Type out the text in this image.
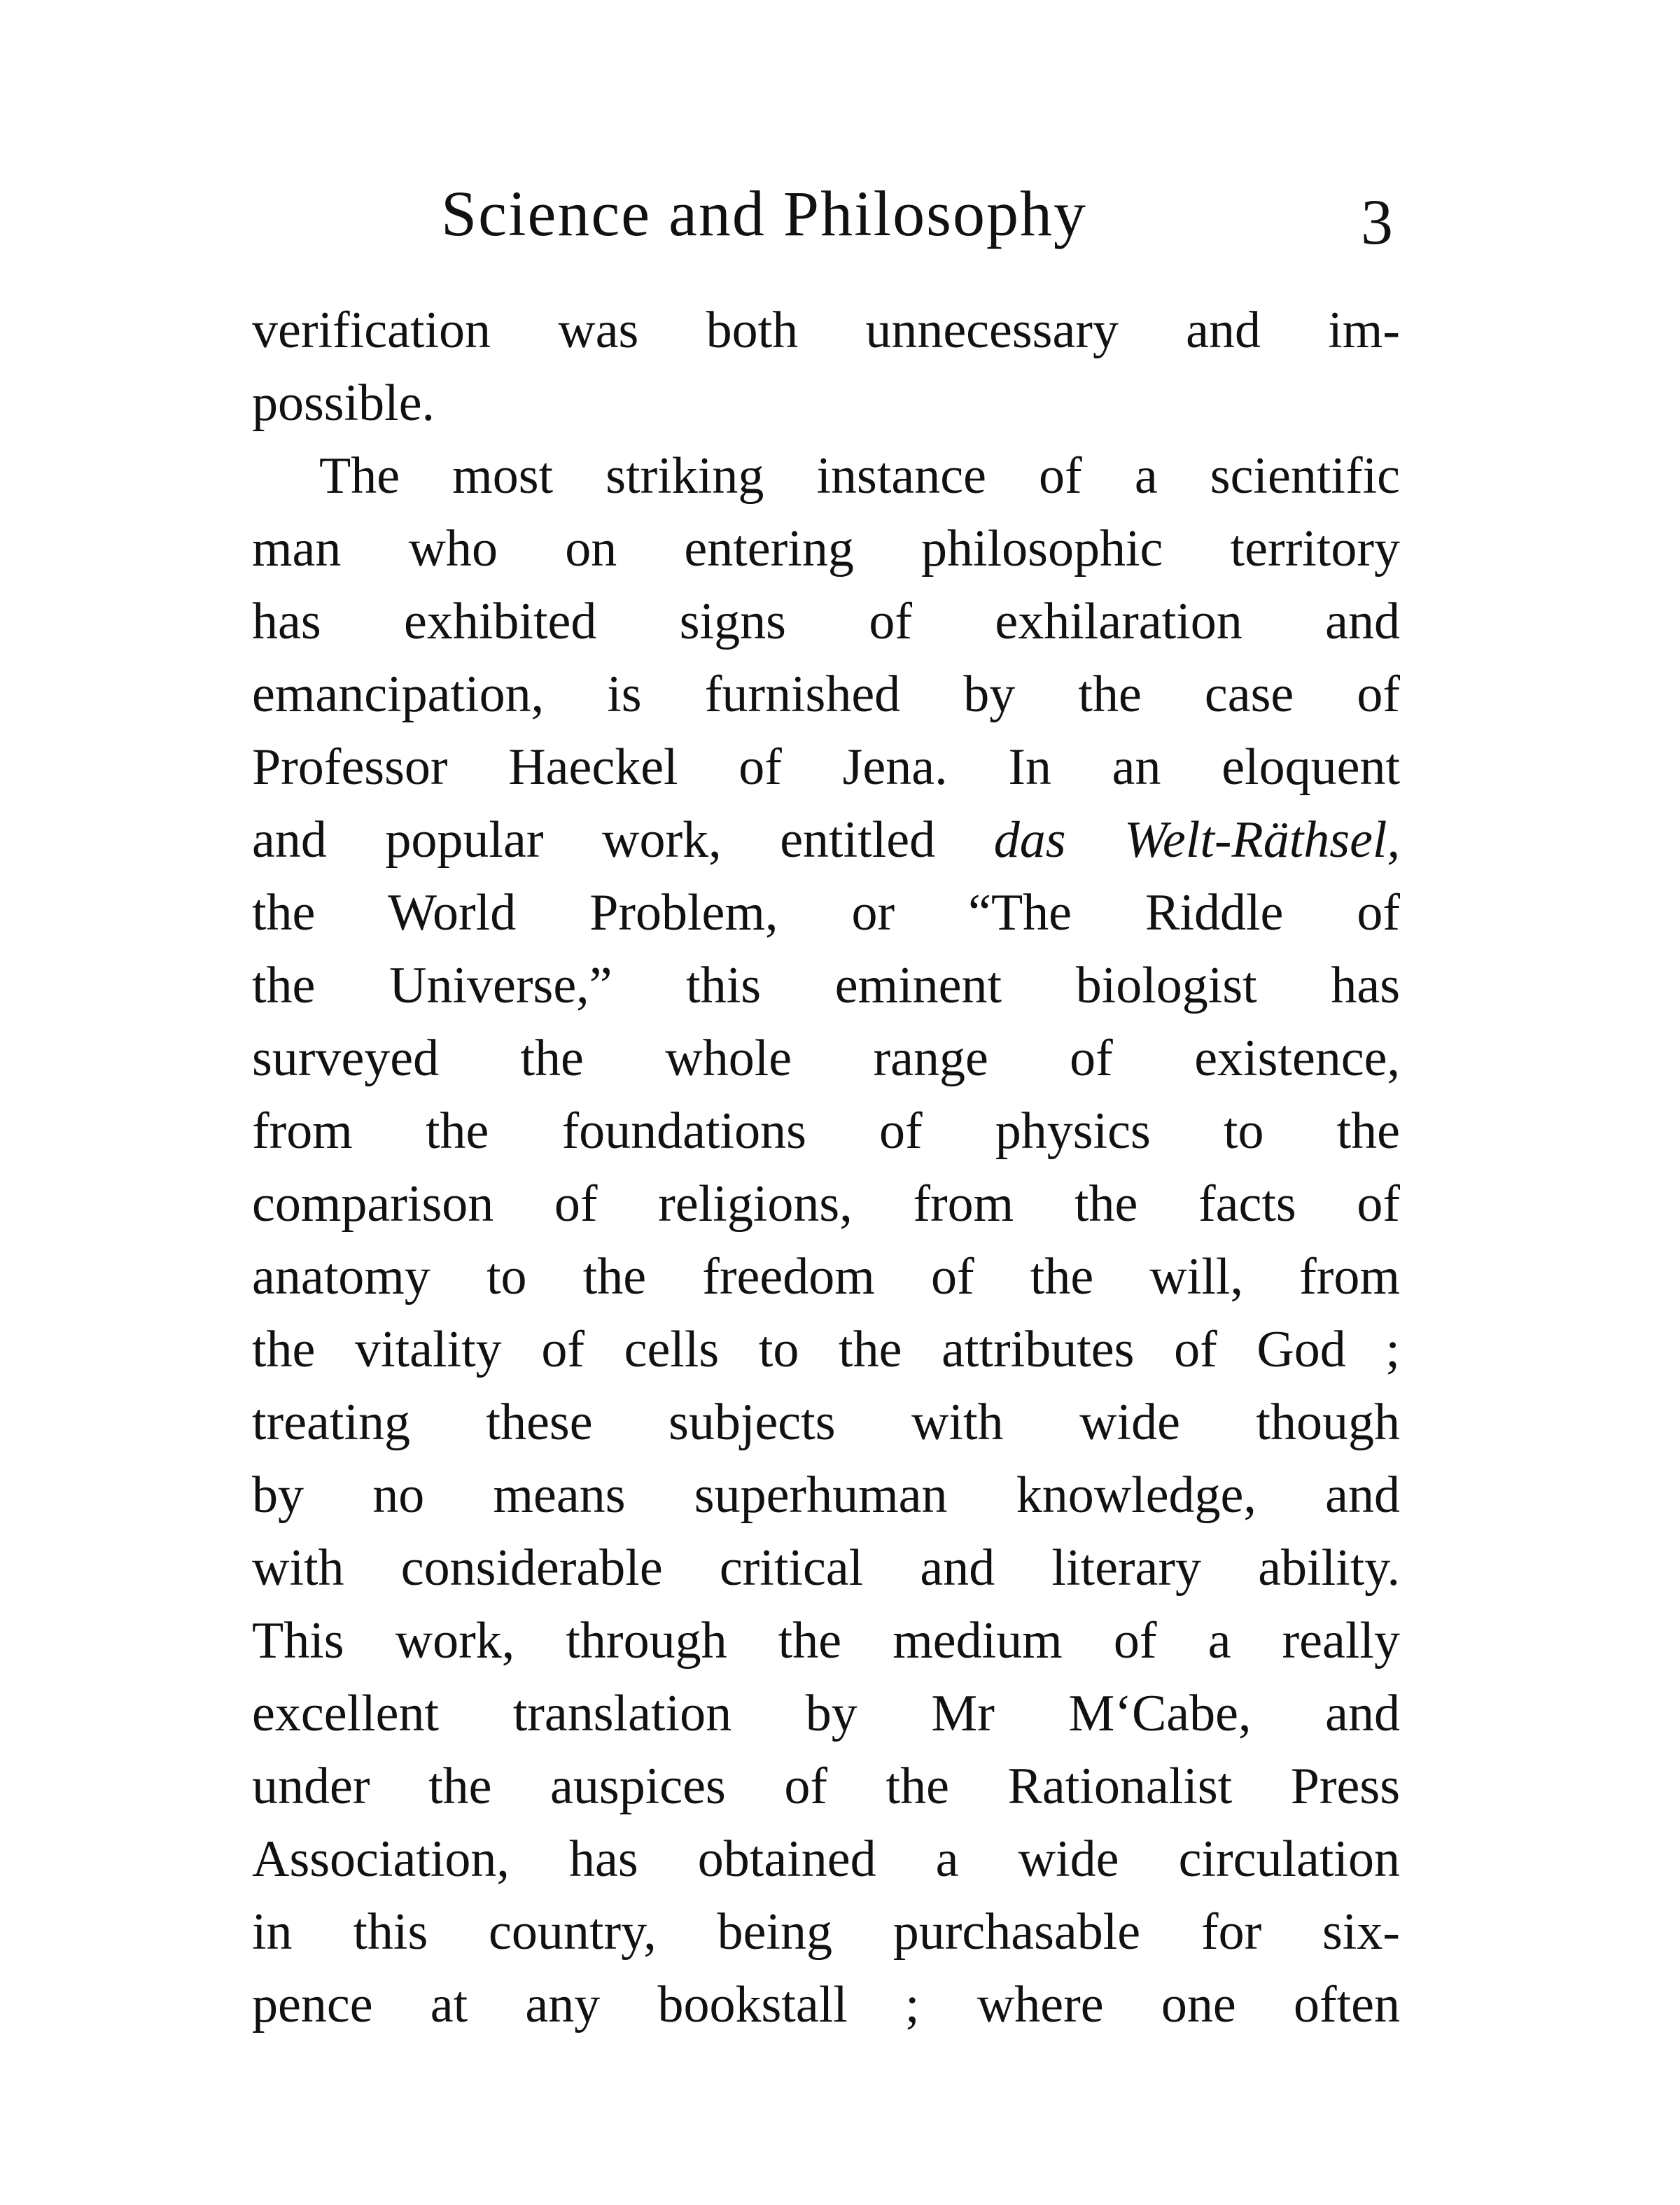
Science and Philosophy	3
verification was both unnecessary and im-
possible.
The most striking instance of a scientific
man who on entering philosophic territory
has exhibited signs of exhilaration and
emancipation, is furnished by the case of
Professor Haeckel of Jena. In an eloquent
and popular work, entitled das Welt-Räthsel,
the World Problem, or “The Riddle of
the Universe,” this eminent biologist has
surveyed the whole range of existence,
from the foundations of physics to the
comparison of religions, from the facts of
anatomy to the freedom of the will, from
the vitality of cells to the attributes of God ;
treating these subjects with wide though
by no means superhuman knowledge, and
with considerable critical and literary ability.
This work, through the medium of a really
excellent translation by Mr M‘Cabe, and
under the auspices of the Rationalist Press
Association, has obtained a wide circulation
in this country, being purchasable for six-
pence at any bookstall ; where one often
